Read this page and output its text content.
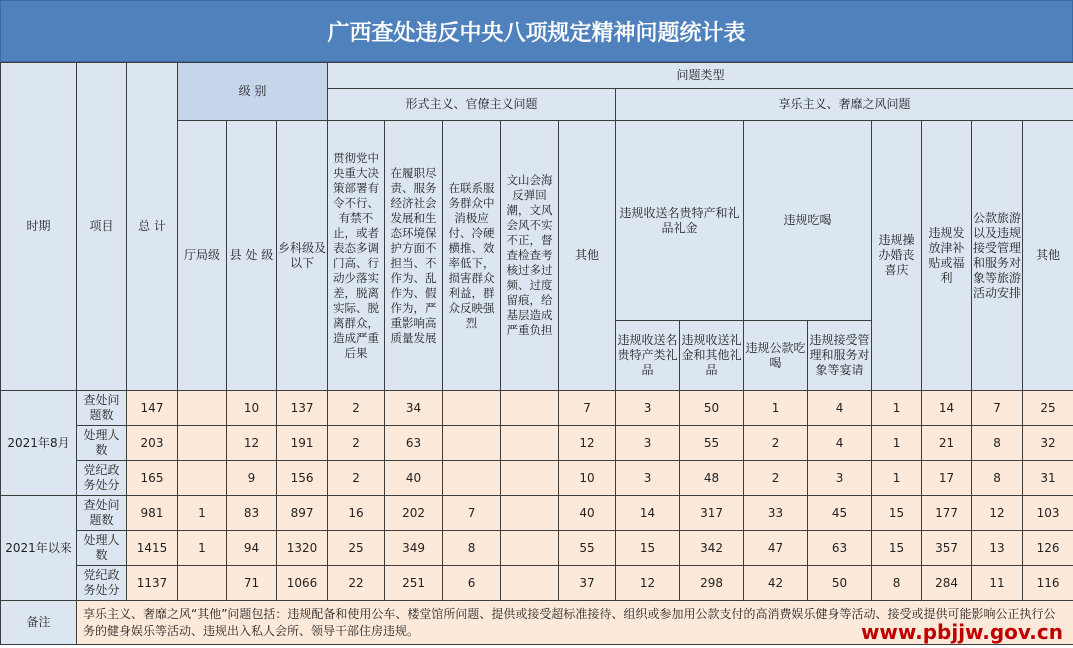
广西查处违反中央八项规定精神问题统计表
时期	项目	总 计	级 别			问题类型												
						形式主义、官僚主义问题					享乐主义、奢靡之风问题							
			厅局级	县 处 级	乡科级及以下	贯彻党中央重大决策部署有令不行、有禁不止，或者表态多调门高、行动少落实差，脱离实际、脱离群众，造成严重后果	在履职尽责、服务经济社会发展和生态环境保护方面不担当、不作为、乱作为、假作为，严重影响高质量发展	在联系服务群众中消极应付、冷硬横推、效率低下，损害群众利益，群众反映强烈	文山会海反弹回潮，文风会风不实不正，督查检查考核过多过频、过度留痕，给基层造成严重负担	其他	违规收送名贵特产和礼品礼金		违规吃喝		违规操办婚丧喜庆	违规发放津补贴或福利	公款旅游以及违规接受管理和服务对象等旅游活动安排	其他
											违规收送名贵特产类礼品	违规收送礼金和其他礼品	违规公款吃喝	违规接受管理和服务对象等宴请				
2021年8月	查处问题数	147		10	137	2	34			7	3	50	1	4	1	14	7	25
	处理人数	203		12	191	2	63			12	3	55	2	4	1	21	8	32
	党纪政务处分	165		9	156	2	40			10	3	48	2	3	1	17	8	31
2021年以来	查处问题数	981	1	83	897	16	202	7		40	14	317	33	45	15	177	12	103
	处理人数	1415	1	94	1320	25	349	8		55	15	342	47	63	15	357	13	126
	党纪政务处分	1137		71	1066	22	251	6		37	12	298	42	50	8	284	11	116
备注	享乐主义、奢靡之风“其他”问题包括：违规配备和使用公车、楼堂馆所问题、提供或接受超标准接待、组织或参加用公款支付的高消费娱乐健身等活动、接受或提供可能影响公正执行公务的健身娱乐等活动、违规出入私人会所、领导干部住房违规。																		www.pbjjw.gov.cn
